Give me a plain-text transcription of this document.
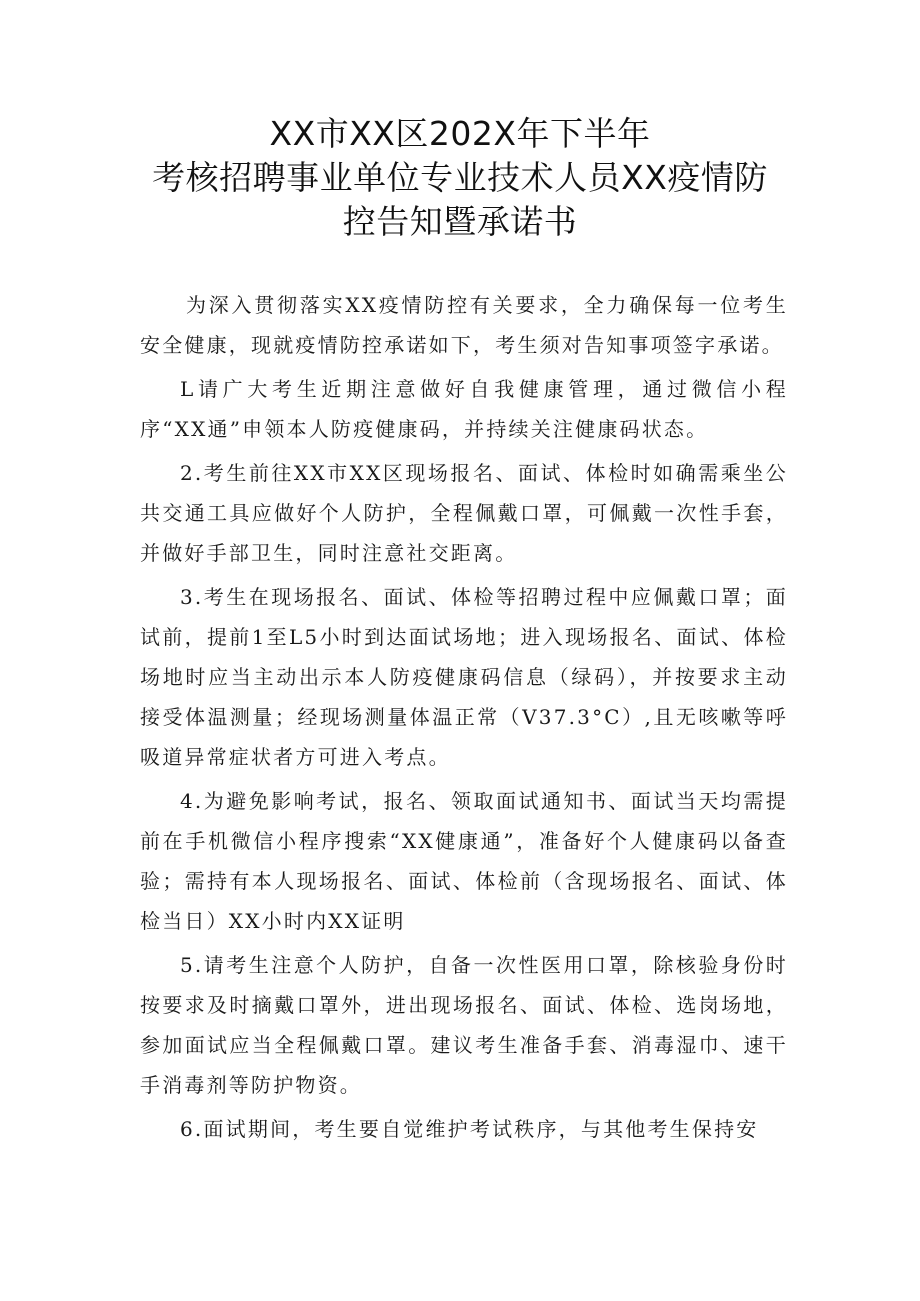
XX市XX区202X年下半年
考核招聘事业单位专业技术人员XX疫情防
控告知暨承诺书

为深入贯彻落实XX疫情防控有关要求，全力确保每一位考生安全健康，现就疫情防控承诺如下，考生须对告知事项签字承诺。

L请广大考生近期注意做好自我健康管理，通过微信小程序“XX通”申领本人防疫健康码，并持续关注健康码状态。

2.考生前往XX市XX区现场报名、面试、体检时如确需乘坐公共交通工具应做好个人防护，全程佩戴口罩，可佩戴一次性手套，并做好手部卫生，同时注意社交距离。

3.考生在现场报名、面试、体检等招聘过程中应佩戴口罩；面试前，提前1至L5小时到达面试场地；进入现场报名、面试、体检场地时应当主动出示本人防疫健康码信息（绿码），并按要求主动接受体温测量；经现场测量体温正常（V37.3°C）,且无咳嗽等呼吸道异常症状者方可进入考点。

4.为避免影响考试，报名、领取面试通知书、面试当天均需提前在手机微信小程序搜索“XX健康通”，准备好个人健康码以备查验；需持有本人现场报名、面试、体检前（含现场报名、面试、体检当日）XX小时内XX证明

5.请考生注意个人防护，自备一次性医用口罩，除核验身份时按要求及时摘戴口罩外，进出现场报名、面试、体检、选岗场地，参加面试应当全程佩戴口罩。建议考生准备手套、消毒湿巾、速干手消毒剂等防护物资。

6.面试期间，考生要自觉维护考试秩序，与其他考生保持安
